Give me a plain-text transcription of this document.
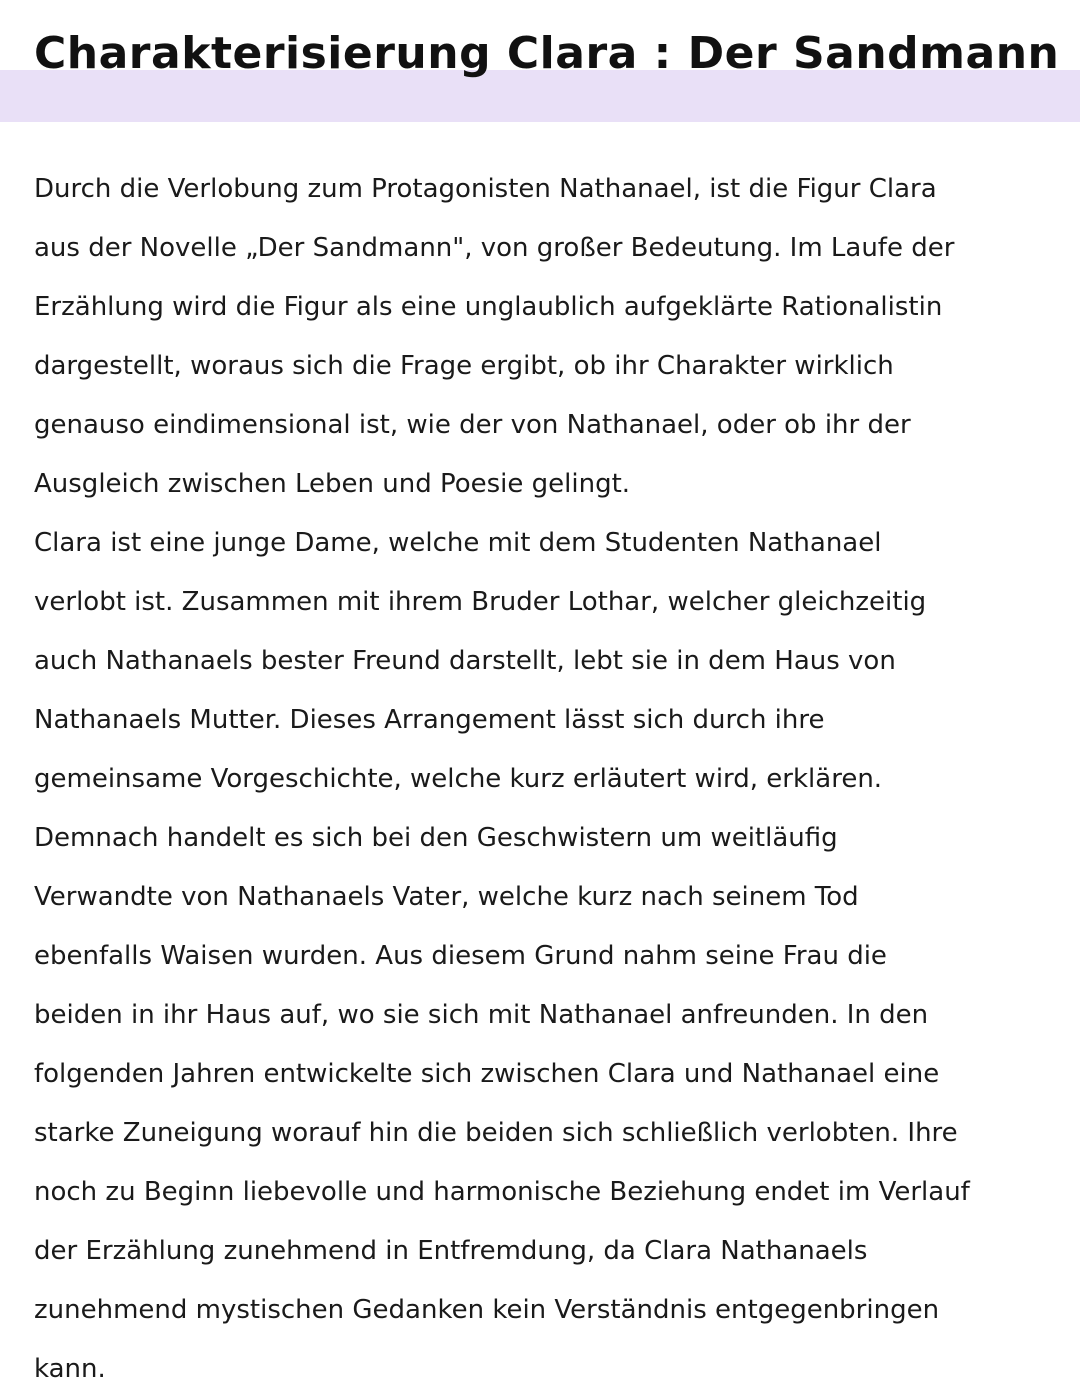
Charakterisierung Clara : Der Sandmann
Durch die Verlobung zum Protagonisten Nathanael, ist die Figur Clara
aus der Novelle „Der Sandmann", von großer Bedeutung. Im Laufe der
Erzählung wird die Figur als eine unglaublich aufgeklärte Rationalistin
dargestellt, woraus sich die Frage ergibt, ob ihr Charakter wirklich
genauso eindimensional ist, wie der von Nathanael, oder ob ihr der
Ausgleich zwischen Leben und Poesie gelingt.
Clara ist eine junge Dame, welche mit dem Studenten Nathanael
verlobt ist. Zusammen mit ihrem Bruder Lothar, welcher gleichzeitig
auch Nathanaels bester Freund darstellt, lebt sie in dem Haus von
Nathanaels Mutter. Dieses Arrangement lässt sich durch ihre
gemeinsame Vorgeschichte, welche kurz erläutert wird, erklären.
Demnach handelt es sich bei den Geschwistern um weitläufig
Verwandte von Nathanaels Vater, welche kurz nach seinem Tod
ebenfalls Waisen wurden. Aus diesem Grund nahm seine Frau die
beiden in ihr Haus auf, wo sie sich mit Nathanael anfreunden. In den
folgenden Jahren entwickelte sich zwischen Clara und Nathanael eine
starke Zuneigung worauf hin die beiden sich schließlich verlobten. Ihre
noch zu Beginn liebevolle und harmonische Beziehung endet im Verlauf
der Erzählung zunehmend in Entfremdung, da Clara Nathanaels
zunehmend mystischen Gedanken kein Verständnis entgegenbringen
kann.
